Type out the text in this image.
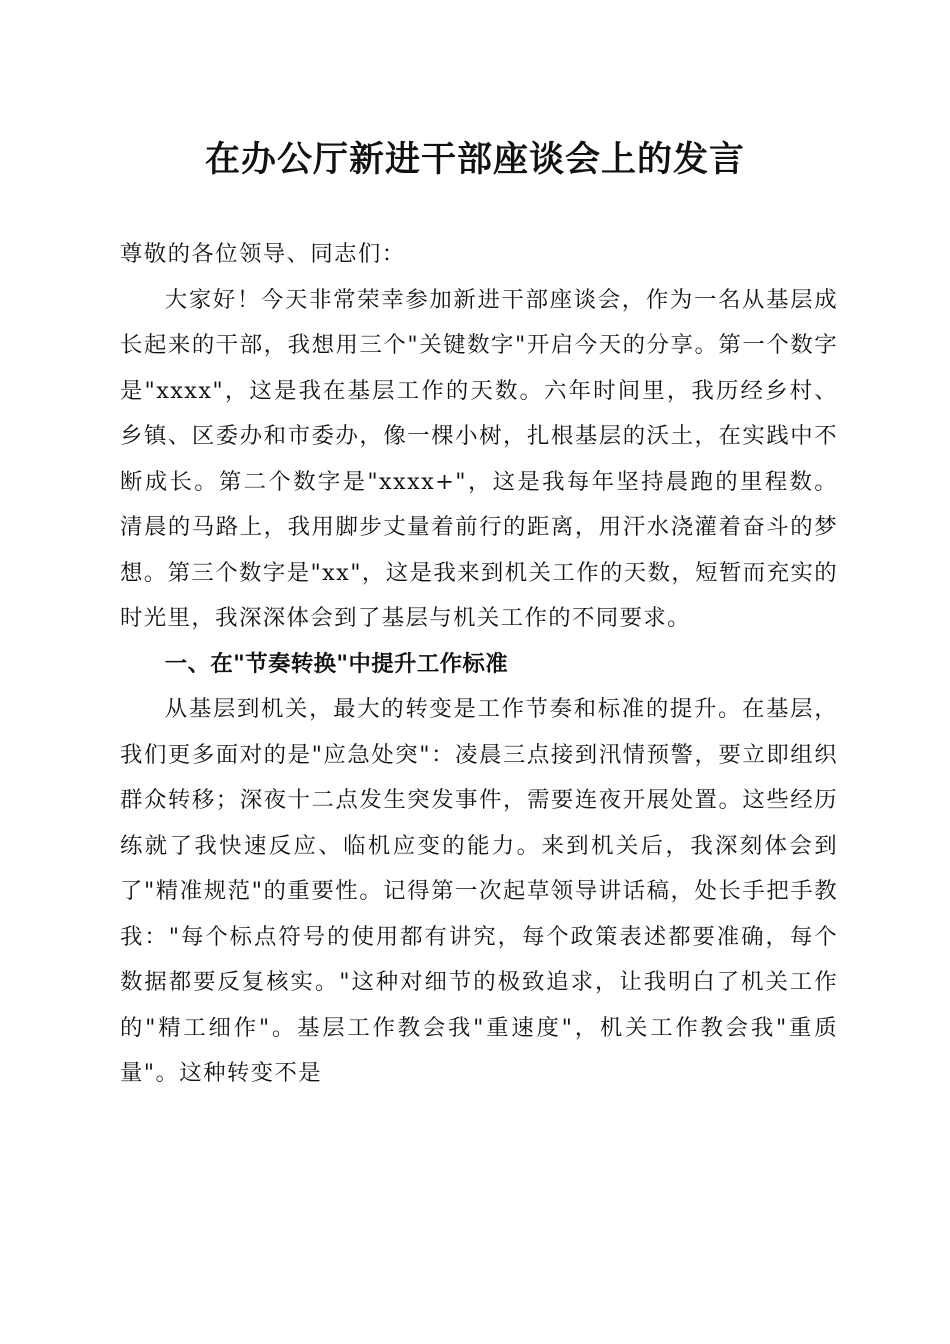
在办公厅新进干部座谈会上的发言

尊敬的各位领导、同志们：

大家好！今天非常荣幸参加新进干部座谈会，作为一名从基层成长起来的干部，我想用三个"关键数字"开启今天的分享。第一个数字是"xxxx"，这是我在基层工作的天数。六年时间里，我历经乡村、乡镇、区委办和市委办，像一棵小树，扎根基层的沃土，在实践中不断成长。第二个数字是"xxxx+"，这是我每年坚持晨跑的里程数。清晨的马路上，我用脚步丈量着前行的距离，用汗水浇灌着奋斗的梦想。第三个数字是"xx"，这是我来到机关工作的天数，短暂而充实的时光里，我深深体会到了基层与机关工作的不同要求。

一、在"节奏转换"中提升工作标准

从基层到机关，最大的转变是工作节奏和标准的提升。在基层，我们更多面对的是"应急处突"：凌晨三点接到汛情预警，要立即组织群众转移；深夜十二点发生突发事件，需要连夜开展处置。这些经历练就了我快速反应、临机应变的能力。来到机关后，我深刻体会到了"精准规范"的重要性。记得第一次起草领导讲话稿，处长手把手教我："每个标点符号的使用都有讲究，每个政策表述都要准确，每个数据都要反复核实。"这种对细节的极致追求，让我明白了机关工作的"精工细作"。基层工作教会我"重速度"，机关工作教会我"重质量"。这种转变不是
